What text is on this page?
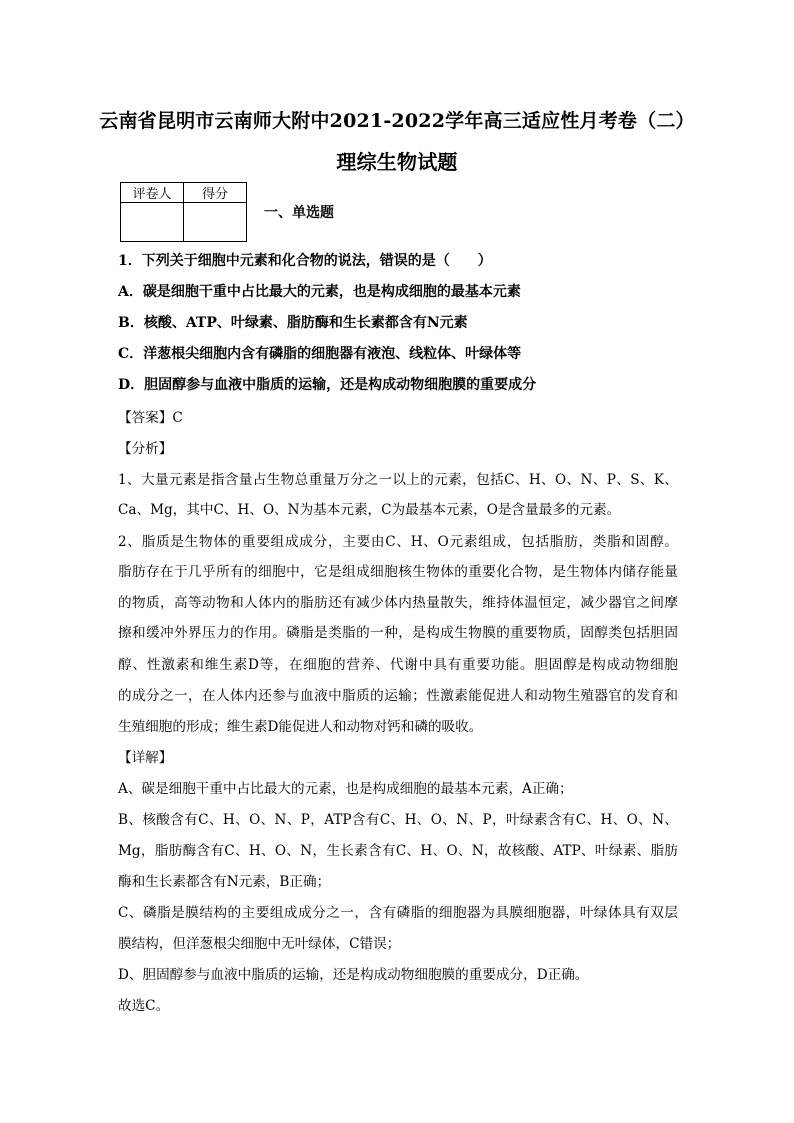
云南省昆明市云南师大附中2021-2022学年高三适应性月考卷（二）
理综生物试题
评卷人	得分

一、单选题
1．下列关于细胞中元素和化合物的说法，错误的是（　　）
A．碳是细胞干重中占比最大的元素，也是构成细胞的最基本元素
B．核酸、ATP、叶绿素、脂肪酶和生长素都含有N元素
C．洋葱根尖细胞内含有磷脂的细胞器有液泡、线粒体、叶绿体等
D．胆固醇参与血液中脂质的运输，还是构成动物细胞膜的重要成分
【答案】C
【分析】
1、大量元素是指含量占生物总重量万分之一以上的元素，包括C、H、O、N、P、S、K、
Ca、Mg，其中C、H、O、N为基本元素，C为最基本元素，O是含量最多的元素。
2、脂质是生物体的重要组成成分，主要由C、H、O元素组成，包括脂肪，类脂和固醇。
脂肪存在于几乎所有的细胞中，它是组成细胞核生物体的重要化合物，是生物体内储存能量
的物质，高等动物和人体内的脂肪还有减少体内热量散失，维持体温恒定，减少器官之间摩
擦和缓冲外界压力的作用。磷脂是类脂的一种，是构成生物膜的重要物质，固醇类包括胆固
醇、性激素和维生素D等，在细胞的营养、代谢中具有重要功能。胆固醇是构成动物细胞
的成分之一，在人体内还参与血液中脂质的运输；性激素能促进人和动物生殖器官的发育和
生殖细胞的形成；维生素D能促进人和动物对钙和磷的吸收。
【详解】
A、碳是细胞干重中占比最大的元素，也是构成细胞的最基本元素，A正确；
B、核酸含有C、H、O、N、P，ATP含有C、H、O、N、P，叶绿素含有C、H、O、N、
Mg，脂肪酶含有C、H、O、N，生长素含有C、H、O、N，故核酸、ATP、叶绿素、脂肪
酶和生长素都含有N元素，B正确；
C、磷脂是膜结构的主要组成成分之一，含有磷脂的细胞器为具膜细胞器，叶绿体具有双层
膜结构，但洋葱根尖细胞中无叶绿体，C错误；
D、胆固醇参与血液中脂质的运输，还是构成动物细胞膜的重要成分，D正确。
故选C。
